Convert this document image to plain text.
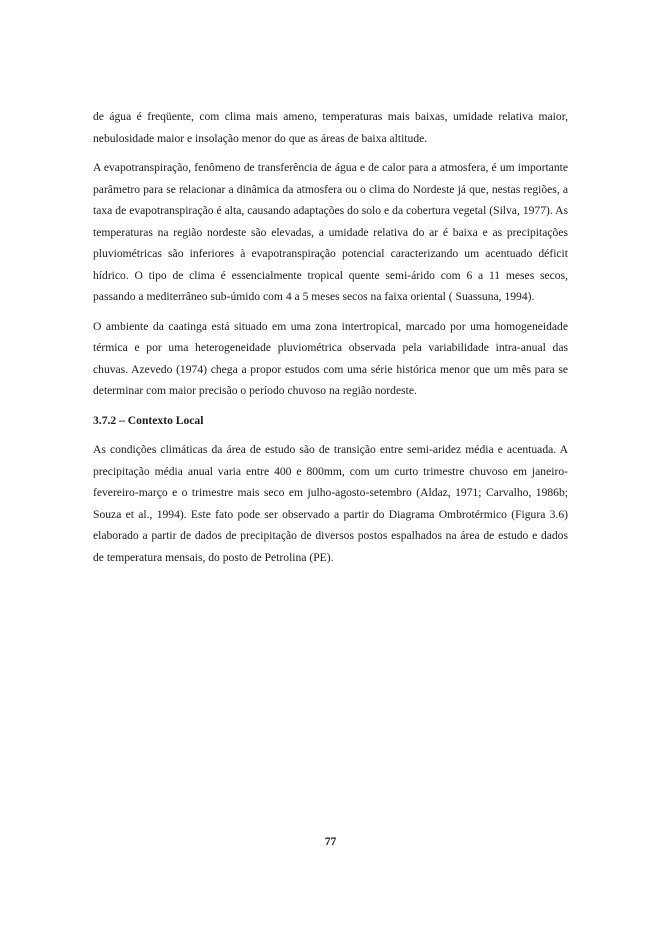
de água é freqüente, com clima mais ameno, temperaturas mais baixas, umidade relativa maior, nebulosidade maior e insolação menor do que as áreas de baixa altitude.

A evapotranspiração, fenômeno de transferência de água e de calor para a atmosfera, é um importante parâmetro para se relacionar a dinâmica da atmosfera ou o clima do Nordeste já que, nestas regiões, a taxa de evapotranspiração é alta, causando adaptações do solo e da cobertura vegetal (Silva, 1977). As temperaturas na região nordeste são elevadas, a umidade relativa do ar é baixa e as precipitações pluviométricas são inferiores à evapotranspiração potencial caracterizando um acentuado déficit hídrico. O tipo de clima é essencialmente tropical quente semi-árido com 6 a 11 meses secos, passando a mediterrâneo sub-úmido com 4 a 5 meses secos na faixa oriental ( Suassuna, 1994).

O ambiente da caatinga está situado em uma zona intertropical, marcado por uma homogeneidade térmica e por uma heterogeneidade pluviométrica observada pela variabilidade intra-anual das chuvas. Azevedo (1974) chega a propor estudos com uma série histórica menor que um mês para se determinar com maior precisão o período chuvoso na região nordeste.

3.7.2 – Contexto Local

As condições climáticas da área de estudo são de transição entre semi-aridez média e acentuada. A precipitação média anual varia entre 400 e 800mm, com um curto trimestre chuvoso em janeiro-fevereiro-março e o trimestre mais seco em julho-agosto-setembro (Aldaz, 1971; Carvalho, 1986b; Souza et al., 1994). Este fato pode ser observado a partir do Diagrama Ombrotérmico (Figura 3.6) elaborado a partir de dados de precipitação de diversos postos espalhados na área de estudo e dados de temperatura mensais, do posto de Petrolina (PE).

77
